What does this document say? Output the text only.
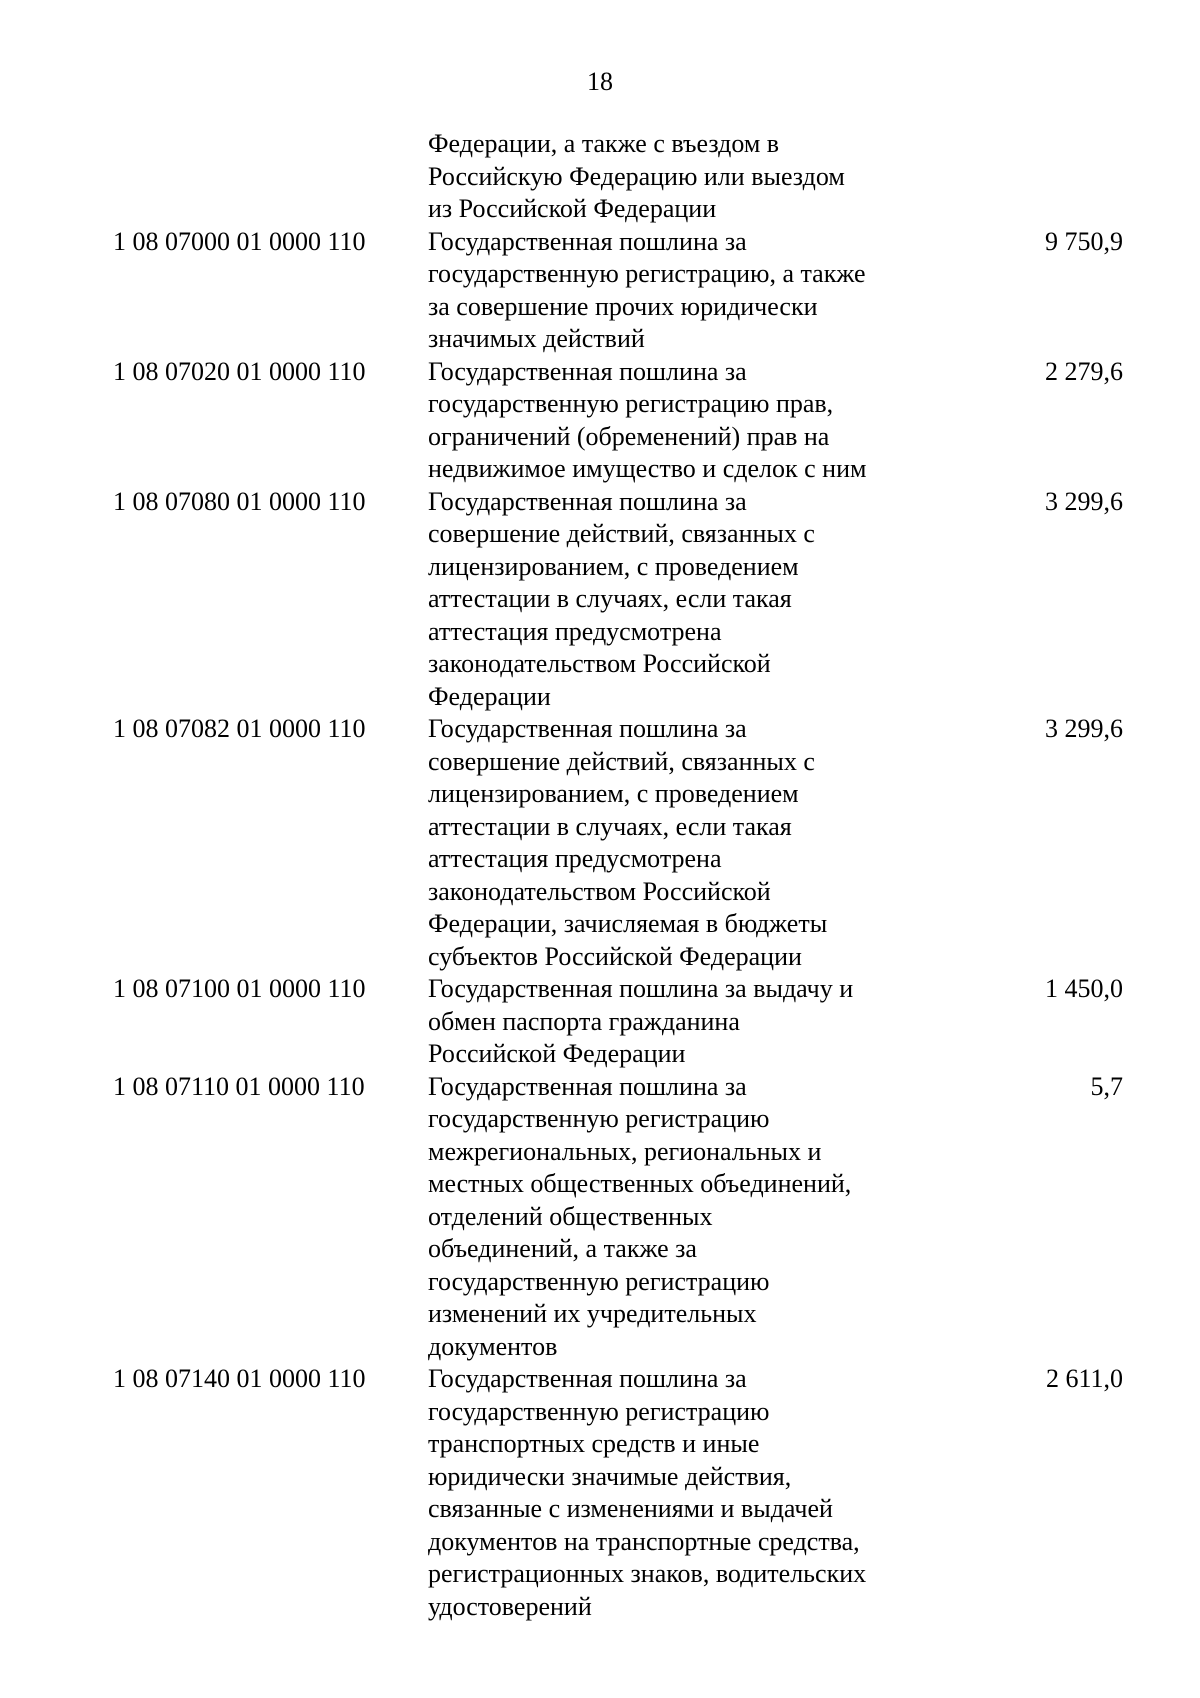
18
Федерации, а также с въездом в
Российскую Федерацию или выездом
из Российской Федерации
1 08 07000 01 0000 110	Государственная пошлина за
государственную регистрацию, а также
за совершение прочих юридически
значимых действий
9 750,9
1 08 07020 01 0000 110	Государственная пошлина за
государственную регистрацию прав,
ограничений (обременений) прав на
недвижимое имущество и сделок с ним
2 279,6
1 08 07080 01 0000 110	Государственная пошлина за
совершение действий, связанных с
лицензированием, с проведением
аттестации в случаях, если такая
аттестация предусмотрена
законодательством Российской
Федерации
3 299,6
1 08 07082 01 0000 110	Государственная пошлина за
совершение действий, связанных с
лицензированием, с проведением
аттестации в случаях, если такая
аттестация предусмотрена
законодательством Российской
Федерации, зачисляемая в бюджеты
субъектов Российской Федерации
3 299,6
1 08 07100 01 0000 110	Государственная пошлина за выдачу и
обмен паспорта гражданина
Российской Федерации
1 450,0
1 08 07110 01 0000 110	Государственная пошлина за
государственную регистрацию
межрегиональных, региональных и
местных общественных объединений,
отделений общественных
объединений, а также за
государственную регистрацию
изменений их учредительных
документов
5,7
1 08 07140 01 0000 110	Государственная пошлина за
государственную регистрацию
транспортных средств и иные
юридически значимые действия,
связанные с изменениями и выдачей
документов на транспортные средства,
регистрационных знаков, водительских
удостоверений
2 611,0
